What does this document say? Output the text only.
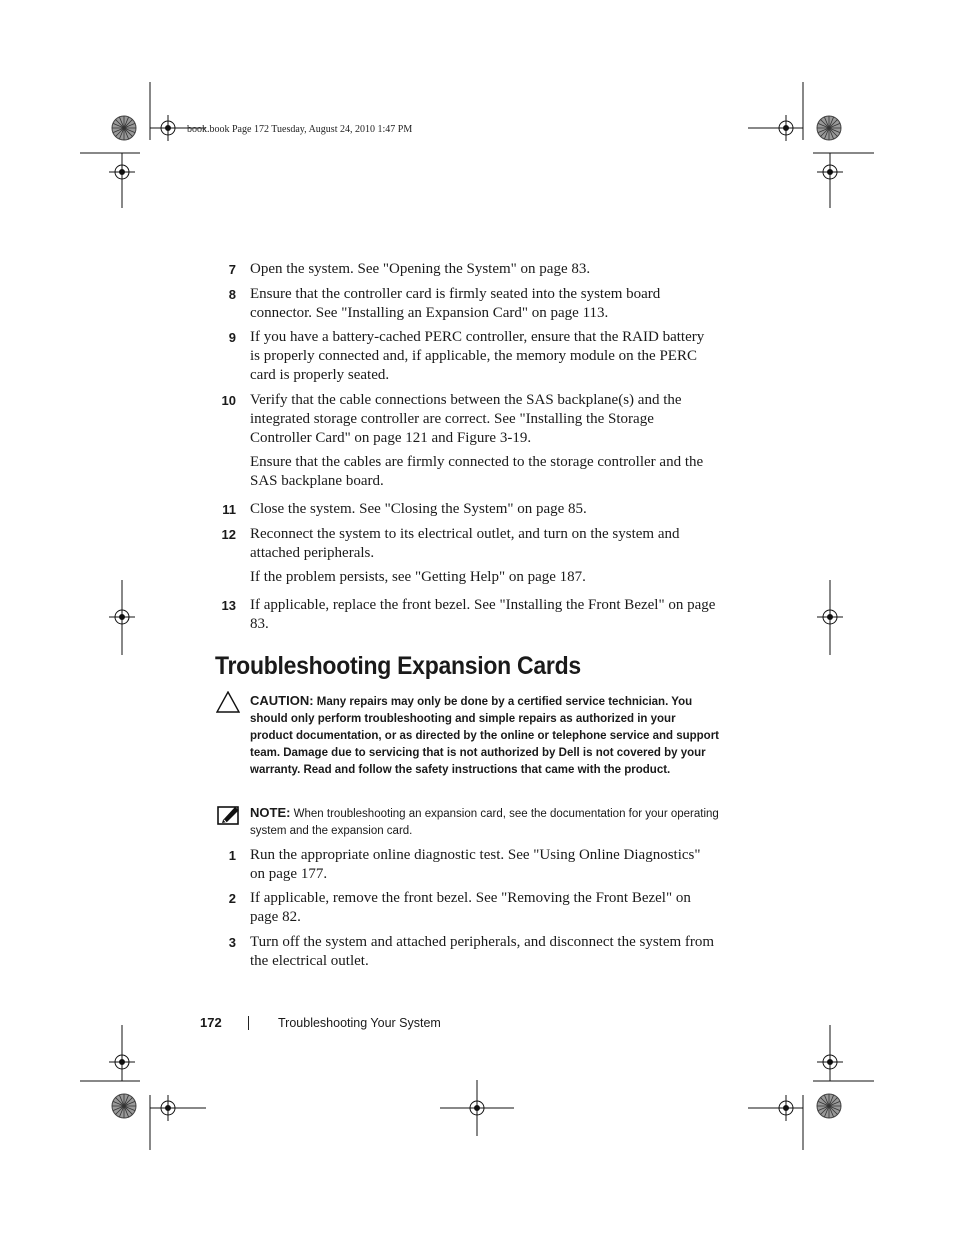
book.book Page 172 Tuesday, August 24, 2010 1:47 PM
7 Open the system. See "Opening the System" on page 83.
8 Ensure that the controller card is firmly seated into the system board connector. See "Installing an Expansion Card" on page 113.
9 If you have a battery-cached PERC controller, ensure that the RAID battery is properly connected and, if applicable, the memory module on the PERC card is properly seated.
10 Verify that the cable connections between the SAS backplane(s) and the integrated storage controller are correct. See "Installing the Storage Controller Card" on page 121 and Figure 3-19.
Ensure that the cables are firmly connected to the storage controller and the SAS backplane board.
11 Close the system. See "Closing the System" on page 85.
12 Reconnect the system to its electrical outlet, and turn on the system and attached peripherals.
If the problem persists, see "Getting Help" on page 187.
13 If applicable, replace the front bezel. See "Installing the Front Bezel" on page 83.
Troubleshooting Expansion Cards
CAUTION: Many repairs may only be done by a certified service technician. You should only perform troubleshooting and simple repairs as authorized in your product documentation, or as directed by the online or telephone service and support team. Damage due to servicing that is not authorized by Dell is not covered by your warranty. Read and follow the safety instructions that came with the product.
NOTE: When troubleshooting an expansion card, see the documentation for your operating system and the expansion card.
1 Run the appropriate online diagnostic test. See "Using Online Diagnostics" on page 177.
2 If applicable, remove the front bezel. See "Removing the Front Bezel" on page 82.
3 Turn off the system and attached peripherals, and disconnect the system from the electrical outlet.
172	Troubleshooting Your System
